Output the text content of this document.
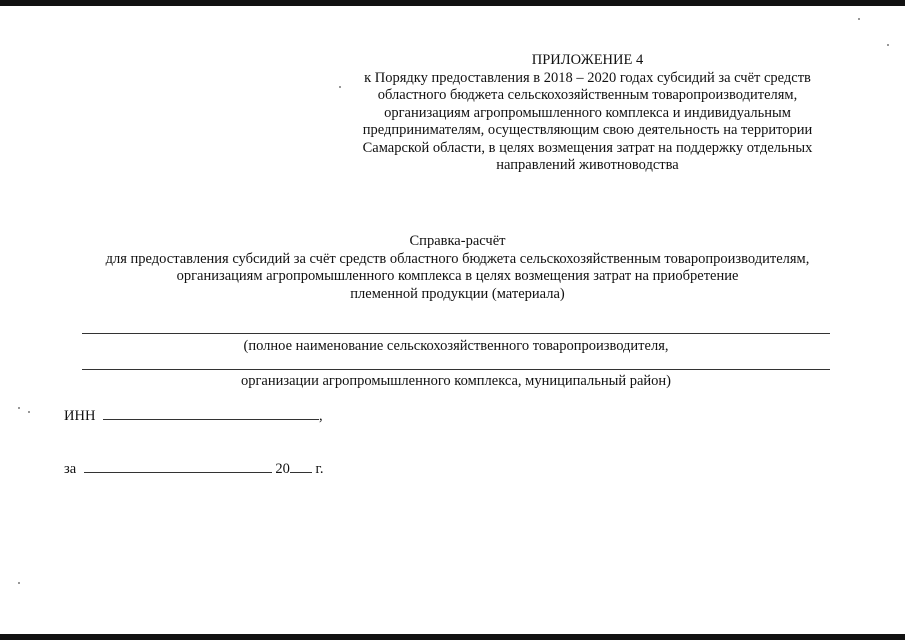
ПРИЛОЖЕНИЕ 4
к Порядку предоставления в 2018 – 2020 годах субсидий за счёт средств
областного бюджета сельскохозяйственным товаропроизводителям,
организациям агропромышленного комплекса и индивидуальным
предпринимателям, осуществляющим свою деятельность на территории
Самарской области, в целях возмещения затрат на поддержку отдельных
направлений животноводства
Справка-расчёт
для предоставления субсидий за счёт средств областного бюджета сельскохозяйственным товаропроизводителям,
организациям агропромышленного комплекса в целях возмещения затрат на приобретение
племенной продукции (материала)
(полное наименование сельскохозяйственного товаропроизводителя,
организации агропромышленного комплекса, муниципальный район)
ИНН	,
за	20 г.
